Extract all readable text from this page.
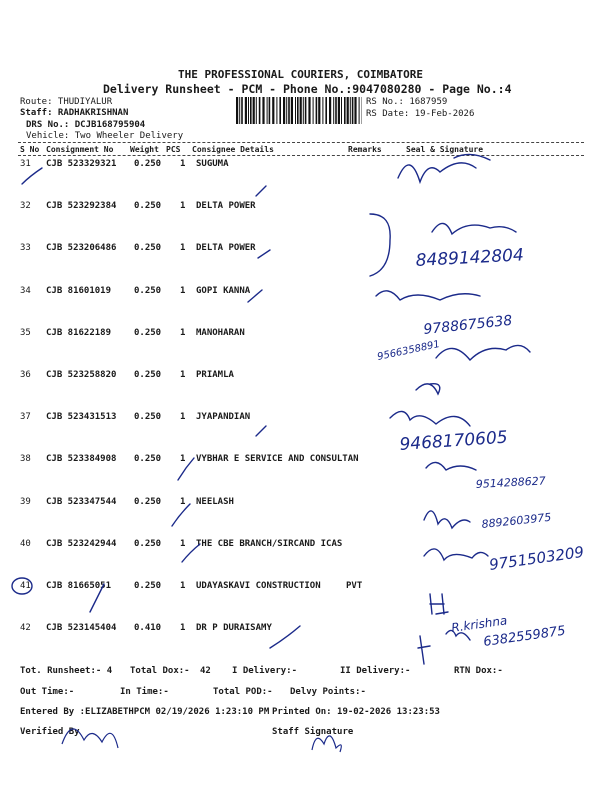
THE PROFESSIONAL COURIERS, COIMBATORE
Delivery Runsheet - PCM - Phone No.:9047080280 - Page No.:4
Route: THUDIYALUR
Staff: RADHAKRISHNAN
DRS No.: DCJB168795904
Vehicle: Two Wheeler Delivery
RS No.: 1687959
RS Date: 19-Feb-2026
S No Consignment No Weight PCS Consignee Details	Remarks	Seal & Signature
31 CJB 523329321 0.250 1 SUGUMA
32 CJB 523292384 0.250 1 DELTA POWER
33 CJB 523206486 0.250 1 DELTA POWER
34 CJB 81601019	0.250 1 GOPI KANNA
35 CJB 81622189	0.250 1 MANOHARAN
36 CJB 523258820 0.250 1 PRIAMLA
37 CJB 523431513 0.250 1 JYAPANDIAN
38 CJB 523384908 0.250 1 VYBHAR E SERVICE AND CONSULTAN
39 CJB 523347544 0.250 1 NEELASH
40 CJB 523242944 0.250 1 THE CBE BRANCH/SIRCAND ICAS
41 CJB 81665051	0.250 1 UDAYASKAVI CONSTRUCTION	PVT
42 CJB 523145404 0.410 1 DR P DURAISAMY
Tot. Runsheet:- 4 Total Dox:- 42 I Delivery:-	II Delivery:-	RTN Dox:-
Out Time:-	In Time:-	Total POD:- Delvy Points:-
Entered By :ELIZABETHPCM 02/19/2026 1:23:10 PM Printed On: 19-02-2026 13:23:53
Verified By	Staff Signature
8489142804
9788675638
9566358891
9468170605
9514288627
8892603975
9751503209
R.krishna
6382559875
